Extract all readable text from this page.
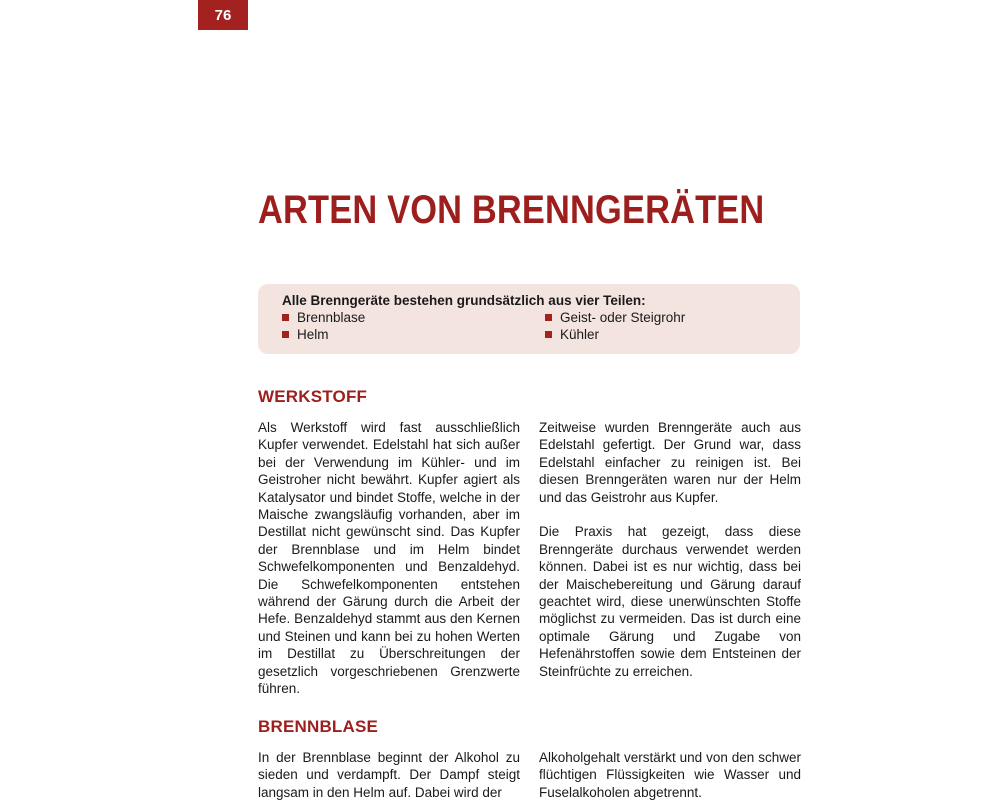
76
ARTEN VON BRENNGERÄTEN
Alle Brenngeräte bestehen grundsätzlich aus vier Teilen:
Brennblase	Geist- oder Steigrohr
Helm	Kühler
WERKSTOFF

Als Werkstoff wird fast ausschließlich Kupfer verwendet. Edelstahl hat sich außer bei der Verwendung im Kühler- und im Geistroher nicht bewährt. Kupfer agiert als Katalysator und bindet Stoffe, welche in der Maische zwangsläufig vorhanden, aber im Destillat nicht gewünscht sind. Das Kupfer der Brennblase und im Helm bindet Schwefelkomponenten und Benzaldehyd. Die Schwefelkomponenten entstehen während der Gärung durch die Arbeit der Hefe. Benzaldehyd stammt aus den Kernen und Steinen und kann bei zu hohen Werten im Destillat zu Überschreitungen der gesetzlich vorgeschriebenen Grenzwerte führen.

Zeitweise wurden Brenngeräte auch aus Edelstahl gefertigt. Der Grund war, dass Edelstahl einfacher zu reinigen ist. Bei diesen Brenngeräten waren nur der Helm und das Geistrohr aus Kupfer.

Die Praxis hat gezeigt, dass diese Brenngeräte durchaus verwendet werden können. Dabei ist es nur wichtig, dass bei der Maischebereitung und Gärung darauf geachtet wird, diese unerwünschten Stoffe möglichst zu vermeiden. Das ist durch eine optimale Gärung und Zugabe von Hefenährstoffen sowie dem Entsteinen der Steinfrüchte zu erreichen.

BRENNBLASE

In der Brennblase beginnt der Alkohol zu sieden und verdampft. Der Dampf steigt langsam in den Helm auf. Dabei wird der

Alkoholgehalt verstärkt und von den schwer flüchtigen Flüssigkeiten wie Wasser und Fuselalkoholen abgetrennt.
